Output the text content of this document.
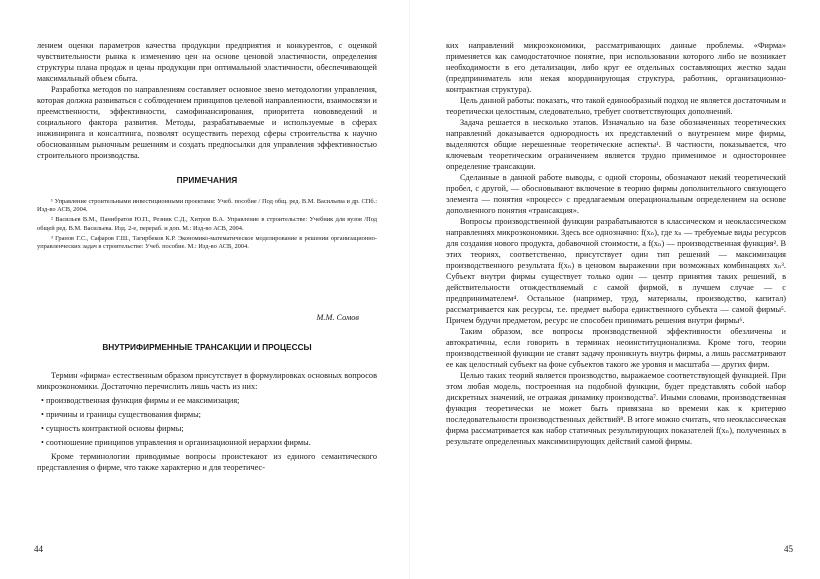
лением оценки параметров качества продукции предприятия и конкурентов, с оценкой чувствительности рынка к изменению цен на основе ценовой эластичности, определения структуры плана продаж и цены продукции при оптимальной эластичности, обеспечивающей максимальный объем сбыта.

Разработка методов по направлениям составляет основное звено методологии управления, которая должна развиваться с соблюдением принципов целевой направленности, взаимосвязи и преемственности, эффективности, самофинансирования, приоритета нововведений и социального фактора развития. Методы, разрабатываемые и используемые в сферах инжиниринга и консалтинга, позволят осуществить переход сферы строительства к научно обоснованным рыночным решениям и создать предпосылки для управления эффективностью строительного производства.

ПРИМЕЧАНИЯ

¹ Управление строительными инвестиционными проектами: Учеб. пособие / Под общ. ред. В.М. Васильева и др. СПб.: Изд-во АСВ, 2004.

² Васильев В.М., Панибратов Ю.П., Резник С.Д., Хитров В.А. Управление в строительстве: Учебник для вузов /Под общей ред. В.М. Васильева. Изд. 2-е, перераб. и доп. М.: Изд-во АСВ, 2004.

³ Гранов Г.С., Сафаров Г.Ш., Тагирбеков К.Р. Экономико-математическое моделирование в решении организационно-управленческих задач в строительстве: Учеб. пособие. М.: Изд-во АСВ, 2004.

М.М. Сомов
ВНУТРИФИРМЕННЫЕ ТРАНСАКЦИИ И ПРОЦЕССЫ

Термин «фирма» естественным образом присутствует в формулировках основных вопросов микроэкономики. Достаточно перечислить лишь часть из них:

• производственная функция фирмы и ее максимизация;
• причины и границы существования фирмы;
• сущность контрактной основы фирмы;
• соотношение принципов управления и организационной иерархии фирмы.

Кроме терминологии приводимые вопросы проистекают из единого семантического представления о фирме, что также характерно и для теоретичес-

44

ких направлений микроэкономики, рассматривающих данные проблемы. «Фирма» применяется как самодостаточное понятие, при использовании которого либо не возникает необходимости в его детализации, либо круг ее отдельных составляющих жестко задан (предприниматель или некая координирующая структура, работник, организационно-контрактная структура).

Цель данной работы: показать, что такой единообразный подход не является достаточным и теоретически целостным, следовательно, требует соответствующих дополнений.

Задача решается в несколько этапов. Изначально на базе обозначенных теоретических направлений доказывается однородность их представлений о внутреннем мире фирмы, выделяются общие нерешенные теоретические аспекты¹. В частности, показывается, что ключевым теоретическим ограничением является трудно применимое и одностороннее определение трансакции.

Сделанные в данной работе выводы, с одной стороны, обозначают некий теоретический пробел, с другой, — обосновывают включение в теорию фирмы дополнительного связующего элемента — понятия «процесс» с предлагаемым операциональным определением на основе дополненного понятия «трансакция».

Вопросы производственной функции разрабатываются в классическом и неоклассическом направлениях микроэкономики. Здесь все однозначно: f(xₙ), где xₙ — требуемые виды ресурсов для создания нового продукта, добавочной стоимости, а f(xₙ) — производственная функция². В этих теориях, соответственно, присутствует один тип решений — максимизация производственного результата f(xₙ) в ценовом выражении при возможных комбинациях xₙ³. Субъект внутри фирмы существует только один — центр принятия таких решений, в действительности отождествляемый с самой фирмой, в лучшем случае — с предпринимателем⁴. Остальное (например, труд, материалы, производство, капитал) рассматривается как ресурсы, т.е. предмет выбора единственного субъекта — самой фирмы⁵. Причем будучи предметом, ресурс не способен принимать решения внутри фирмы⁶.

Таким образом, все вопросы производственной эффективности обезличены и автократичны, если говорить в терминах неоинституционализма. Кроме того, теории производственной функции не ставят задачу проникнуть внутрь фирмы, а лишь рассматривают ее как целостный субъект на фоне субъектов такого же уровня и масштаба — других фирм.

Целью таких теорий является производство, выражаемое соответствующей функцией. При этом любая модель, построенная на подобной функции, будет представлять собой набор дискретных значений, не отражая динамику производства⁷. Иными словами, производственная функция теоретически не может быть привязана ко времени как к критерию последовательности производственных действий⁸. В итоге можно считать, что неоклассическая фирма рассматривается как набор статичных результирующих показателей f(xₙ), полученных в результате определенных максимизирующих действий самой фирмы.

45
